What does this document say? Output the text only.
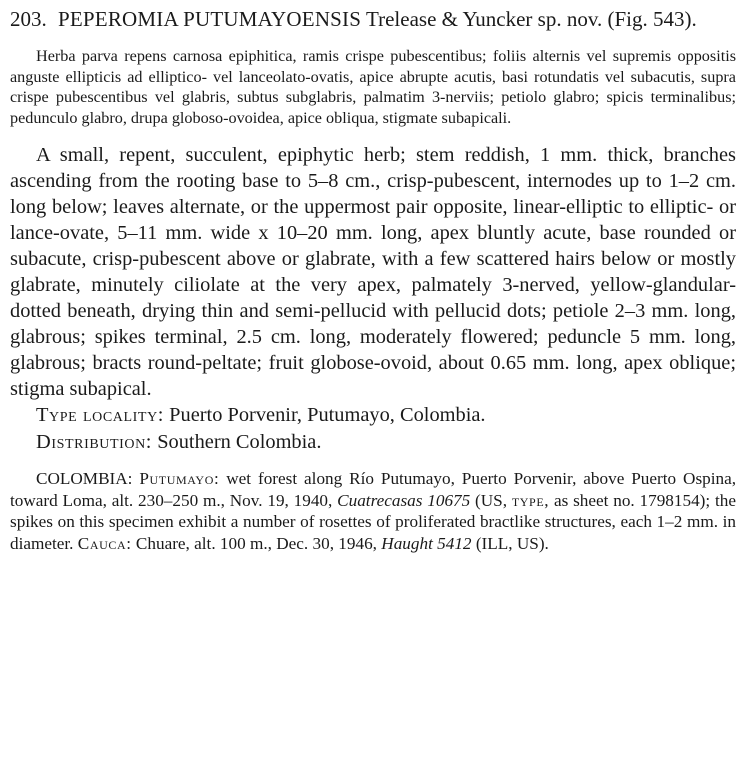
203. PEPEROMIA PUTUMAYOENSIS Trelease & Yuncker sp. nov. (Fig. 543).

Herba parva repens carnosa epiphitica, ramis crispe pubescentibus; foliis alternis vel supremis oppositis anguste ellipticis ad elliptico- vel lanceolato-ovatis, apice abrupte acutis, basi rotundatis vel subacutis, supra crispe pubescentibus vel glabris, subtus subglabris, palmatim 3-nerviis; petiolo glabro; spicis terminalibus; pedunculo glabro, drupa globoso-ovoidea, apice obliqua, stigmate subapicali.

A small, repent, succulent, epiphytic herb; stem reddish, 1 mm. thick, branches ascending from the rooting base to 5–8 cm., crisp-pubescent, internodes up to 1–2 cm. long below; leaves alternate, or the uppermost pair opposite, linear-elliptic to elliptic- or lance-ovate, 5–11 mm. wide x 10–20 mm. long, apex bluntly acute, base rounded or subacute, crisp-pubescent above or glabrate, with a few scattered hairs below or mostly glabrate, minutely ciliolate at the very apex, palmately 3-nerved, yellow-glandular-dotted beneath, drying thin and semi-pellucid with pellucid dots; petiole 2–3 mm. long, glabrous; spikes terminal, 2.5 cm. long, moderately flowered; peduncle 5 mm. long, glabrous; bracts round-peltate; fruit globose-ovoid, about 0.65 mm. long, apex oblique; stigma subapical.

Type locality: Puerto Porvenir, Putumayo, Colombia.

Distribution: Southern Colombia.

COLOMBIA: Putumayo: wet forest along Río Putumayo, Puerto Porvenir, above Puerto Ospina, toward Loma, alt. 230–250 m., Nov. 19, 1940, Cuatrecasas 10675 (US, type, as sheet no. 1798154); the spikes on this specimen exhibit a number of rosettes of proliferated bractlike structures, each 1–2 mm. in diameter. Cauca: Chuare, alt. 100 m., Dec. 30, 1946, Haught 5412 (ILL, US).
